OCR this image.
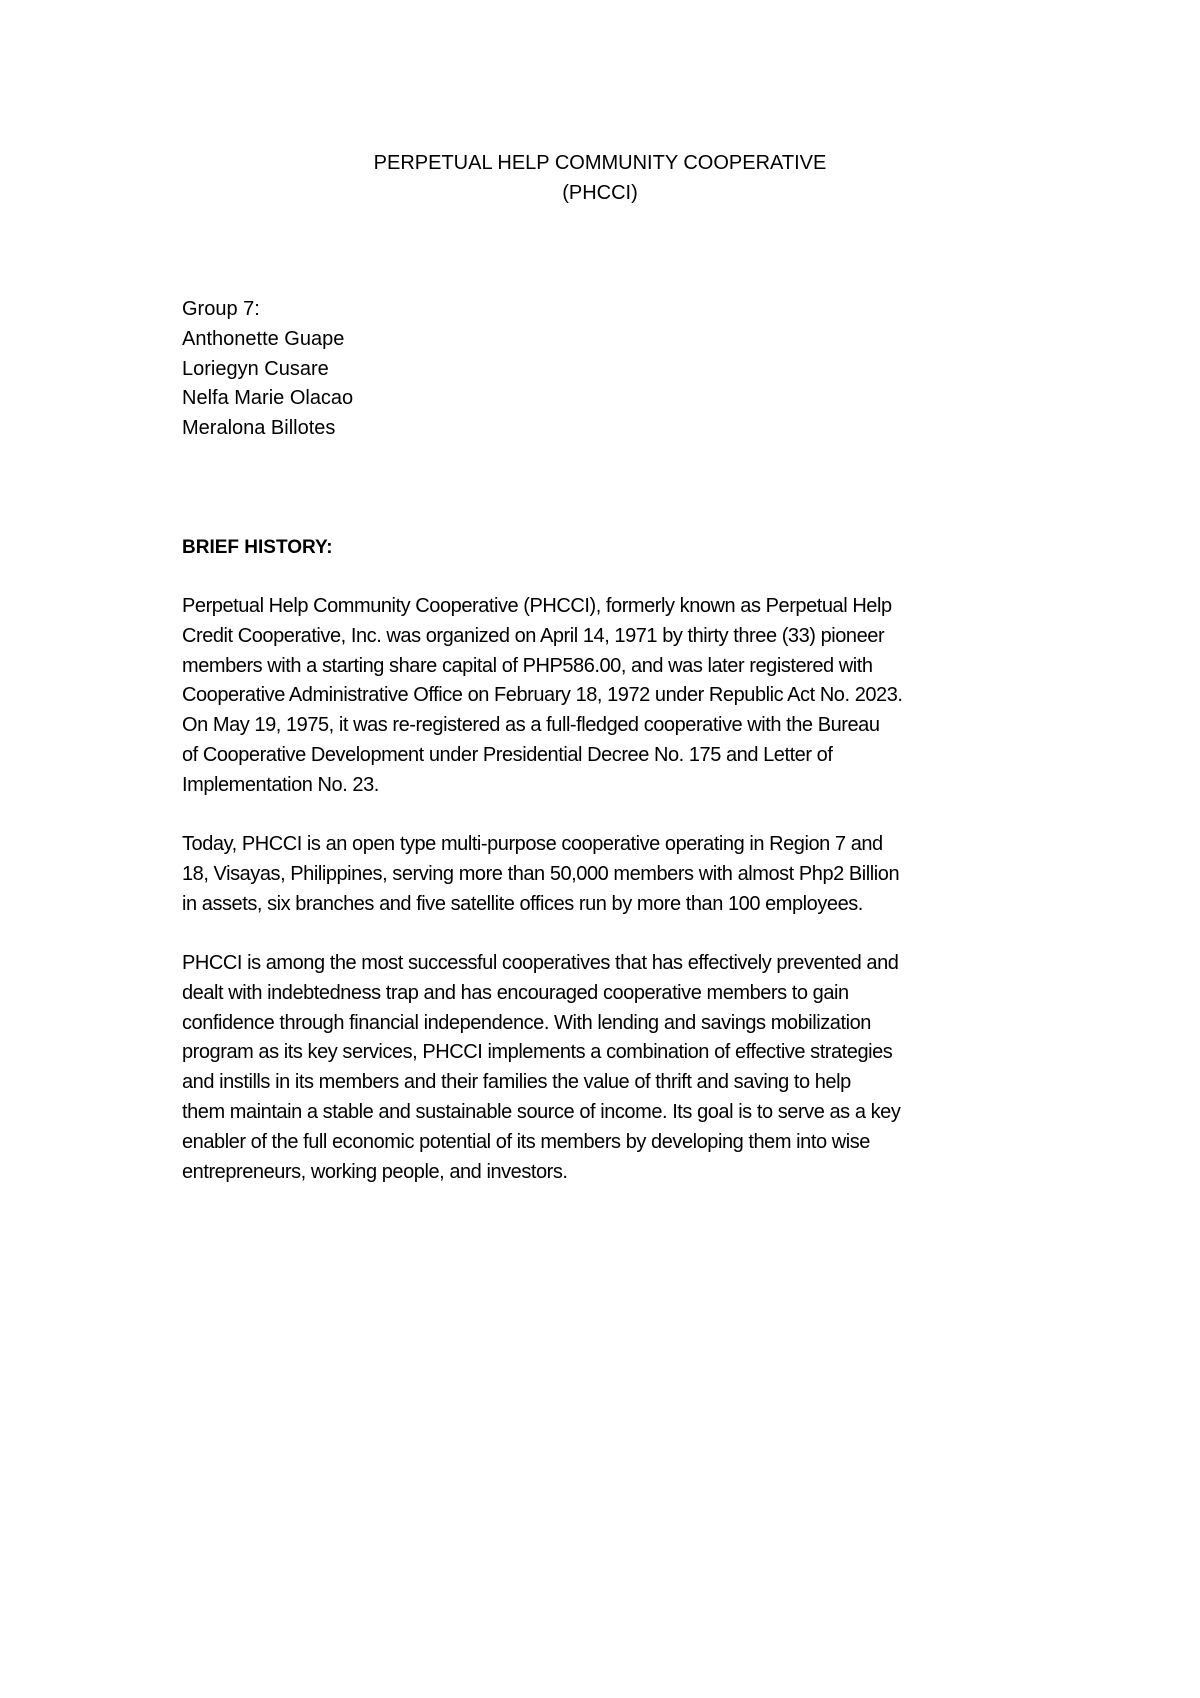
PERPETUAL HELP COMMUNITY COOPERATIVE
(PHCCI)
Group 7:
Anthonette Guape
Loriegyn Cusare
Nelfa Marie Olacao
Meralona Billotes
BRIEF HISTORY:
Perpetual Help Community Cooperative (PHCCI), formerly known as Perpetual Help
Credit Cooperative, Inc. was organized on April 14, 1971 by thirty three (33) pioneer
members with a starting share capital of PHP586.00, and was later registered with
Cooperative Administrative Office on February 18, 1972 under Republic Act No. 2023.
On May 19, 1975, it was re-registered as a full-fledged cooperative with the Bureau
of Cooperative Development under Presidential Decree No. 175 and Letter of
Implementation No. 23.
Today, PHCCI is an open type multi-purpose cooperative operating in Region 7 and
18, Visayas, Philippines, serving more than 50,000 members with almost Php2 Billion
in assets, six branches and five satellite offices run by more than 100 employees.
PHCCI is among the most successful cooperatives that has effectively prevented and
dealt with indebtedness trap and has encouraged cooperative members to gain
confidence through financial independence. With lending and savings mobilization
program as its key services, PHCCI implements a combination of effective strategies
and instills in its members and their families the value of thrift and saving to help
them maintain a stable and sustainable source of income. Its goal is to serve as a key
enabler of the full economic potential of its members by developing them into wise
entrepreneurs, working people, and investors.
